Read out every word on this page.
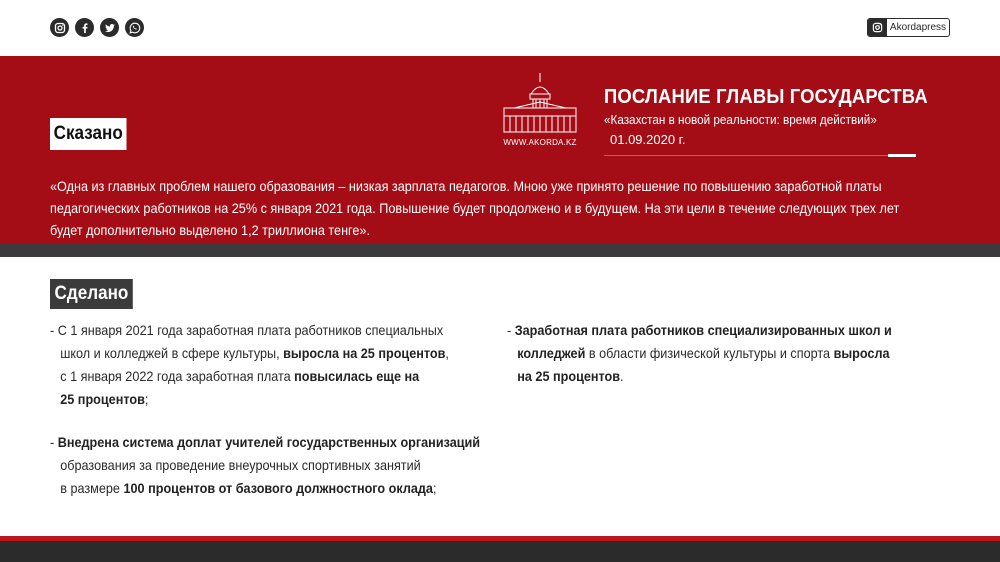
Akordapress
WWW.AKORDA.KZ
ПОСЛАНИЕ ГЛАВЫ ГОСУДАРСТВА
«Казахстан в новой реальности: время действий»
01.09.2020 г.
Сказано

«Одна из главных проблем нашего образования – низкая зарплата педагогов. Мною уже принято решение по повышению заработной платы

педагогических работников на 25% с января 2021 года. Повышение будет продолжено и в будущем. На эти цели в течение следующих трех лет

будет дополнительно выделено 1,2 триллиона тенге».

Сделано
- С 1 января 2021 года заработная плата работников специальных
школ и колледжей в сфере культуры, выросла на 25 процентов,
с 1 января 2022 года заработная плата повысилась еще на
25 процентов;
- Внедрена система доплат учителей государственных организаций
образования за проведение внеурочных спортивных занятий
в размере 100 процентов от базового должностного оклада;
- Заработная плата работников специализированных школ и
колледжей в области физической культуры и спорта выросла
на 25 процентов.
